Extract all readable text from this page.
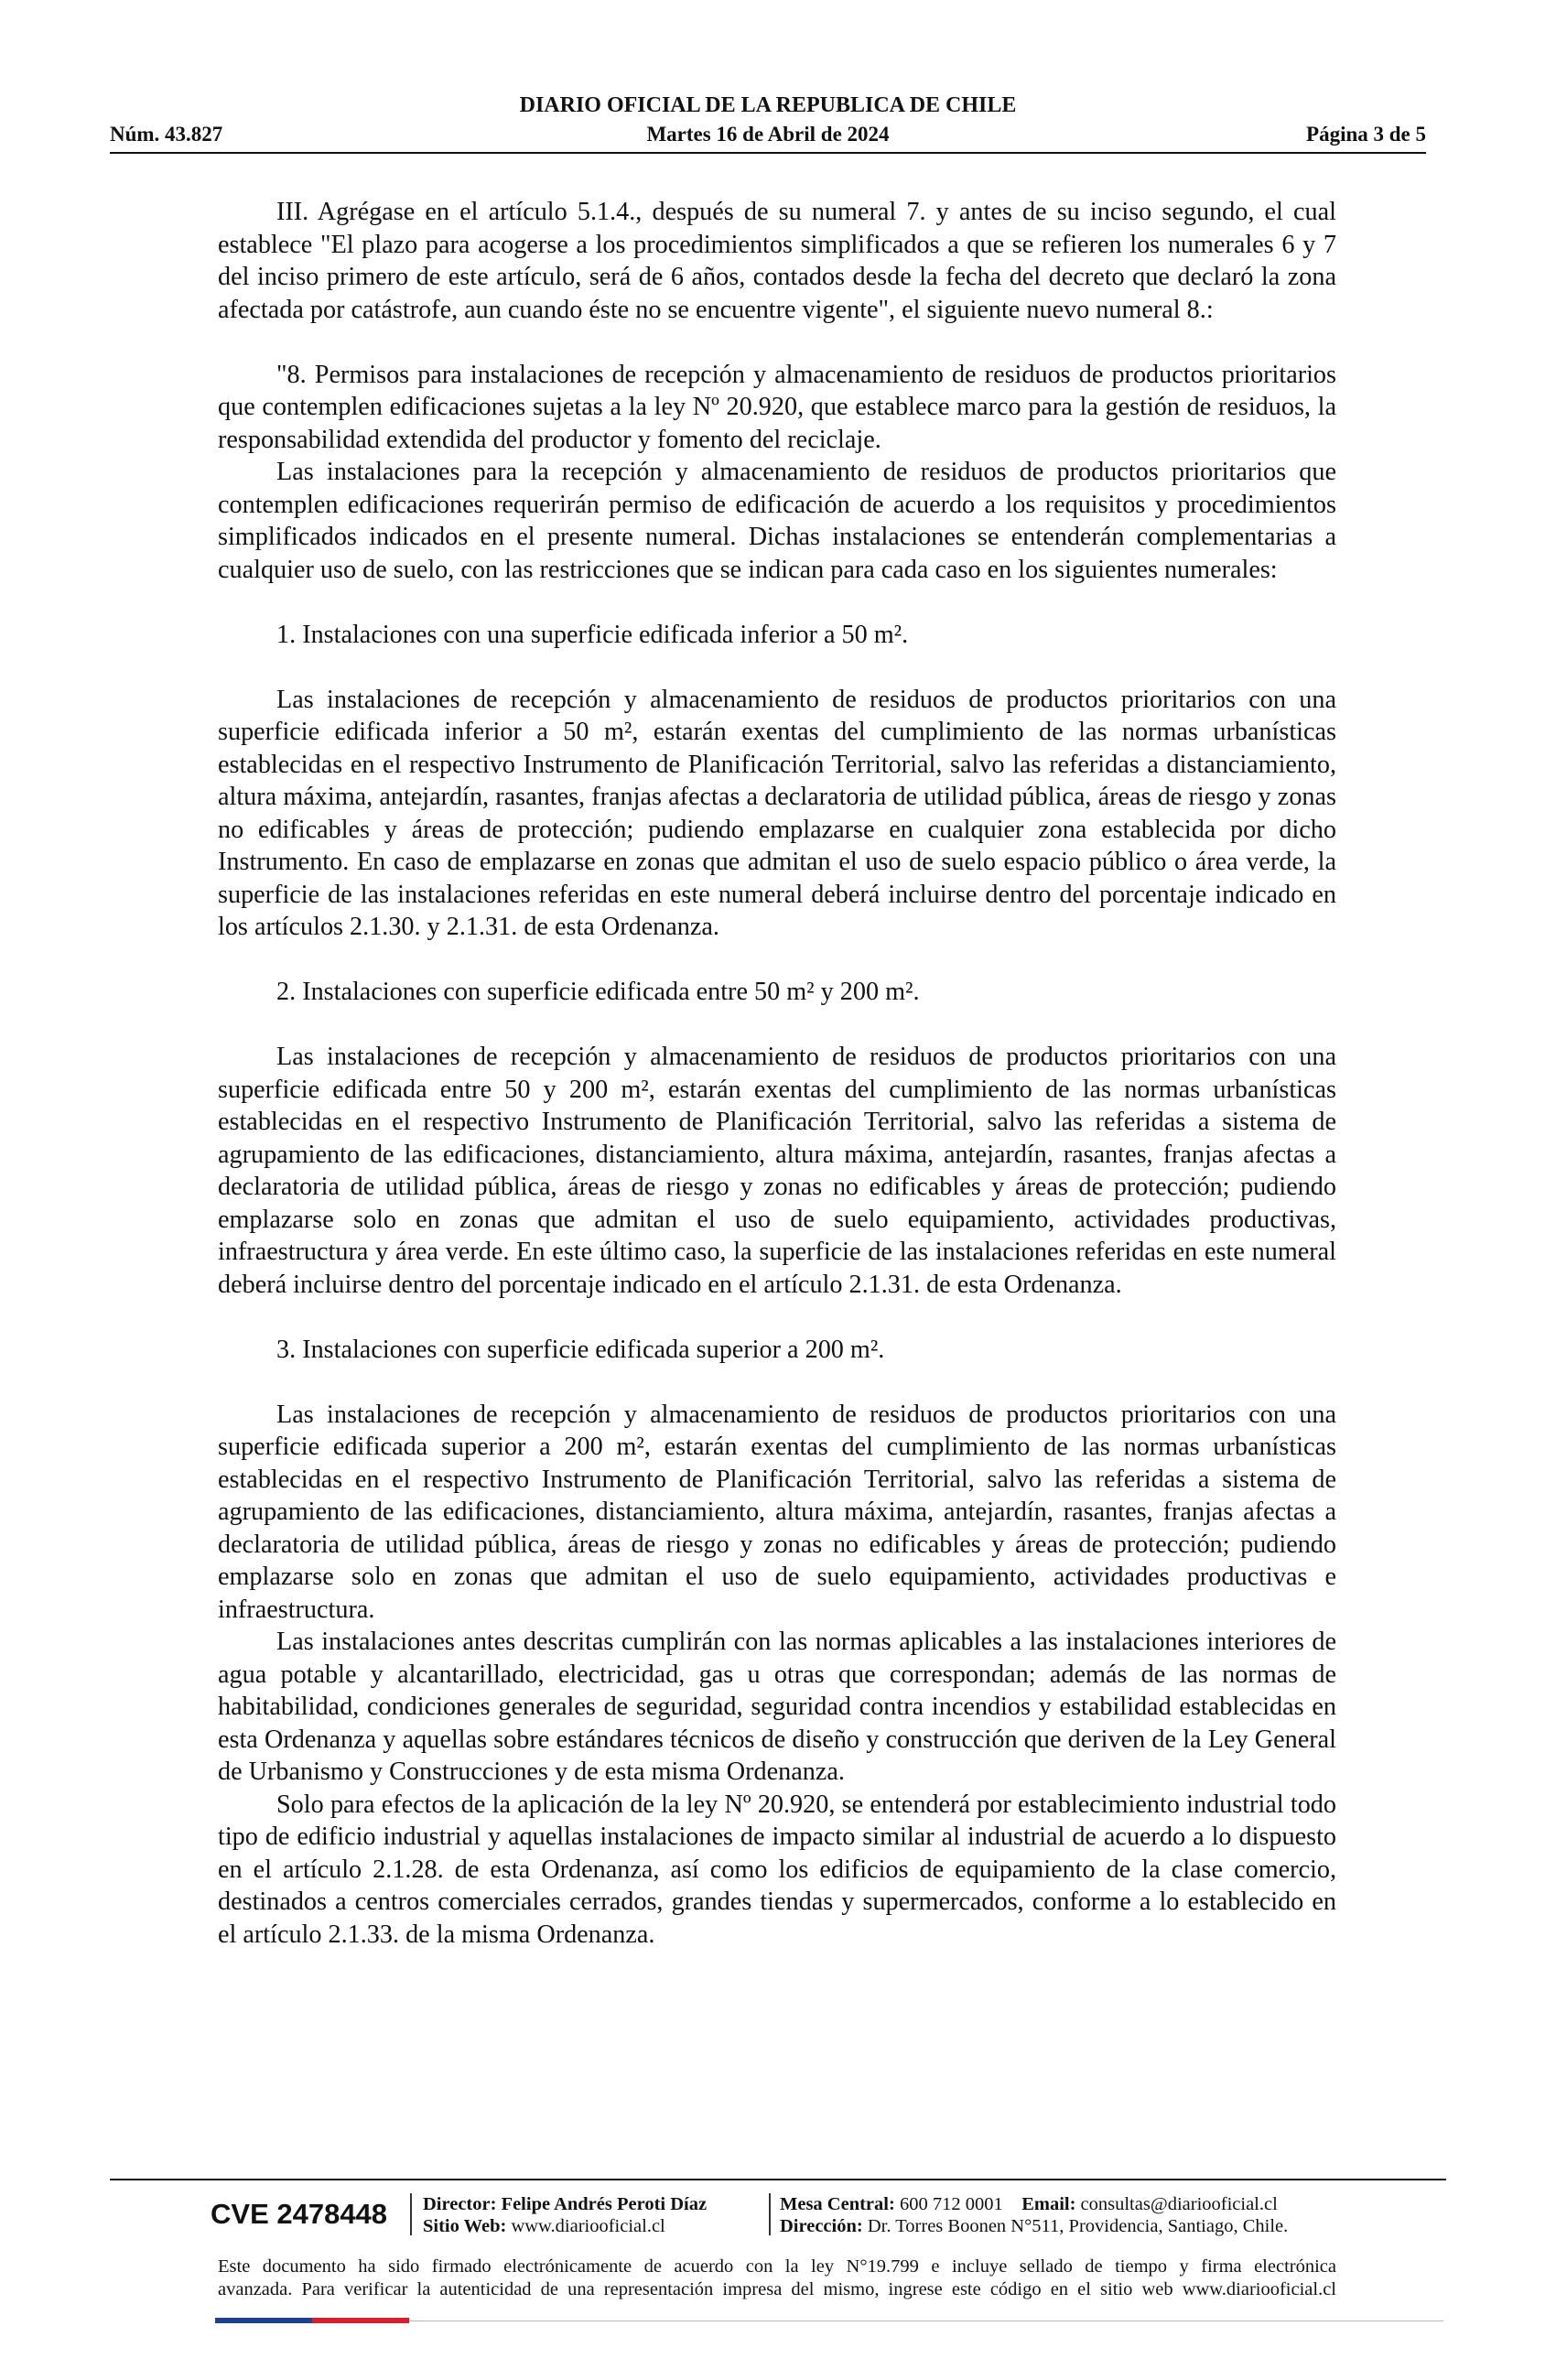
DIARIO OFICIAL DE LA REPUBLICA DE CHILE
Núm. 43.827	Martes 16 de Abril de 2024	Página 3 de 5

III. Agrégase en el artículo 5.1.4., después de su numeral 7. y antes de su inciso segundo, el cual establece "El plazo para acogerse a los procedimientos simplificados a que se refieren los numerales 6 y 7 del inciso primero de este artículo, será de 6 años, contados desde la fecha del decreto que declaró la zona afectada por catástrofe, aun cuando éste no se encuentre vigente", el siguiente nuevo numeral 8.:

"8. Permisos para instalaciones de recepción y almacenamiento de residuos de productos prioritarios que contemplen edificaciones sujetas a la ley Nº 20.920, que establece marco para la gestión de residuos, la responsabilidad extendida del productor y fomento del reciclaje.

Las instalaciones para la recepción y almacenamiento de residuos de productos prioritarios que contemplen edificaciones requerirán permiso de edificación de acuerdo a los requisitos y procedimientos simplificados indicados en el presente numeral. Dichas instalaciones se entenderán complementarias a cualquier uso de suelo, con las restricciones que se indican para cada caso en los siguientes numerales:

1. Instalaciones con una superficie edificada inferior a 50 m².

Las instalaciones de recepción y almacenamiento de residuos de productos prioritarios con una superficie edificada inferior a 50 m², estarán exentas del cumplimiento de las normas urbanísticas establecidas en el respectivo Instrumento de Planificación Territorial, salvo las referidas a distanciamiento, altura máxima, antejardín, rasantes, franjas afectas a declaratoria de utilidad pública, áreas de riesgo y zonas no edificables y áreas de protección; pudiendo emplazarse en cualquier zona establecida por dicho Instrumento. En caso de emplazarse en zonas que admitan el uso de suelo espacio público o área verde, la superficie de las instalaciones referidas en este numeral deberá incluirse dentro del porcentaje indicado en los artículos 2.1.30. y 2.1.31. de esta Ordenanza.

2. Instalaciones con superficie edificada entre 50 m² y 200 m².

Las instalaciones de recepción y almacenamiento de residuos de productos prioritarios con una superficie edificada entre 50 y 200 m², estarán exentas del cumplimiento de las normas urbanísticas establecidas en el respectivo Instrumento de Planificación Territorial, salvo las referidas a sistema de agrupamiento de las edificaciones, distanciamiento, altura máxima, antejardín, rasantes, franjas afectas a declaratoria de utilidad pública, áreas de riesgo y zonas no edificables y áreas de protección; pudiendo emplazarse solo en zonas que admitan el uso de suelo equipamiento, actividades productivas, infraestructura y área verde. En este último caso, la superficie de las instalaciones referidas en este numeral deberá incluirse dentro del porcentaje indicado en el artículo 2.1.31. de esta Ordenanza.

3. Instalaciones con superficie edificada superior a 200 m².

Las instalaciones de recepción y almacenamiento de residuos de productos prioritarios con una superficie edificada superior a 200 m², estarán exentas del cumplimiento de las normas urbanísticas establecidas en el respectivo Instrumento de Planificación Territorial, salvo las referidas a sistema de agrupamiento de las edificaciones, distanciamiento, altura máxima, antejardín, rasantes, franjas afectas a declaratoria de utilidad pública, áreas de riesgo y zonas no edificables y áreas de protección; pudiendo emplazarse solo en zonas que admitan el uso de suelo equipamiento, actividades productivas e infraestructura.

Las instalaciones antes descritas cumplirán con las normas aplicables a las instalaciones interiores de agua potable y alcantarillado, electricidad, gas u otras que correspondan; además de las normas de habitabilidad, condiciones generales de seguridad, seguridad contra incendios y estabilidad establecidas en esta Ordenanza y aquellas sobre estándares técnicos de diseño y construcción que deriven de la Ley General de Urbanismo y Construcciones y de esta misma Ordenanza.

Solo para efectos de la aplicación de la ley Nº 20.920, se entenderá por establecimiento industrial todo tipo de edificio industrial y aquellas instalaciones de impacto similar al industrial de acuerdo a lo dispuesto en el artículo 2.1.28. de esta Ordenanza, así como los edificios de equipamiento de la clase comercio, destinados a centros comerciales cerrados, grandes tiendas y supermercados, conforme a lo establecido en el artículo 2.1.33. de la misma Ordenanza.

CVE 2478448 Director: Felipe Andrés Peroti Díaz
Sitio Web: www.diariooficial.cl
Mesa Central: 600 712 0001 Email: consultas@diariooficial.cl
Dirección: Dr. Torres Boonen N°511, Providencia, Santiago, Chile.
Este documento ha sido firmado electrónicamente de acuerdo con la ley N°19.799 e incluye sellado de tiempo y firma electrónica
avanzada. Para verificar la autenticidad de una representación impresa del mismo, ingrese este código en el sitio web www.diariooficial.cl
